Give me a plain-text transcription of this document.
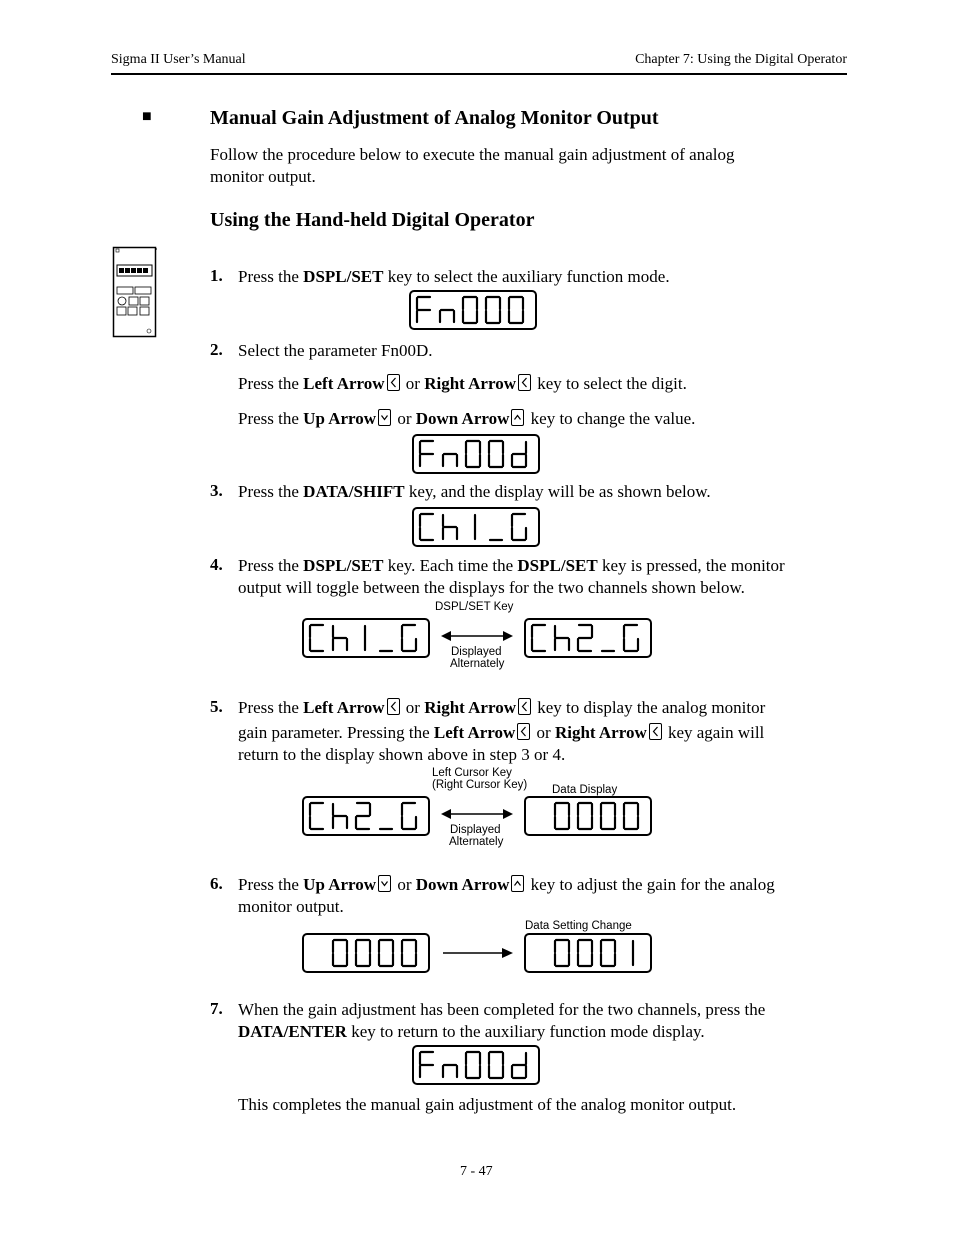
Sigma II User’s Manual	Chapter 7: Using the Digital Operator
■	Manual Gain Adjustment of Analog Monitor Output
Follow the procedure below to execute the manual gain adjustment of analog
monitor output.
Using the Hand-held Digital Operator
1. Press the DSPL/SET key to select the auxiliary function mode.
2. Select the parameter Fn00D.
Press the Left Arrow
or Right Arrow
key to select the digit.
Press the Up Arrow
or Down Arrow
key to change the value.
3. Press the DATA/SHIFT key, and the display will be as shown below.
4. Press the DSPL/SET key. Each time the DSPL/SET key is pressed, the monitor
output will toggle between the displays for the two channels shown below.
DSPL/SET Key
Displayed
Alternately
5. Press the Left Arrow
or Right Arrow
key to display the analog monitor
gain parameter. Pressing the Left Arrow
or Right Arrow
key again will
return to the display shown above in step 3 or 4.
Left Cursor Key
(Right Cursor Key) Data Display
Displayed
Alternately
6. Press the Up Arrow
or Down Arrow
key to adjust the gain for the analog
monitor output.
Data Setting Change
7. When the gain adjustment has been completed for the two channels, press the
DATA/ENTER key to return to the auxiliary function mode display.
This completes the manual gain adjustment of the analog monitor output.
7 - 47
